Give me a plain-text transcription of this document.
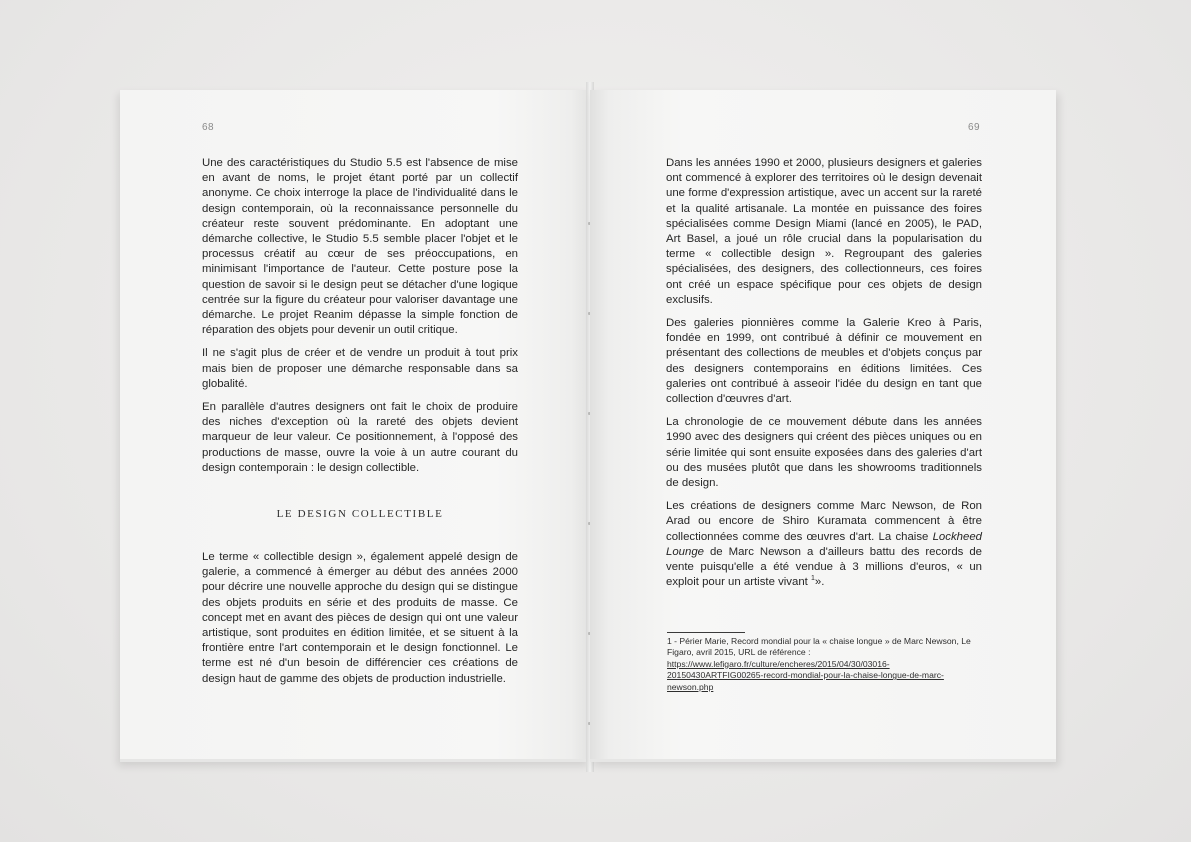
68

Une des caractéristiques du Studio 5.5 est l'absence de mise en avant de noms, le projet étant porté par un collectif anonyme. Ce choix interroge la place de l'individualité dans le design contemporain, où la reconnaissance personnelle du créateur reste souvent prédominante. En adoptant une démarche collective, le Studio 5.5 semble placer l'objet et le processus créatif au cœur de ses préoccupations, en minimisant l'importance de l'auteur. Cette posture pose la question de savoir si le design peut se détacher d'une logique centrée sur la figure du créateur pour valoriser davantage une démarche. Le projet Reanim dépasse la simple fonction de réparation des objets pour devenir un outil critique.

Il ne s'agit plus de créer et de vendre un produit à tout prix mais bien de proposer une démarche responsable dans sa globalité.

En parallèle d'autres designers ont fait le choix de produire des niches d'exception où la rareté des objets devient marqueur de leur valeur. Ce positionnement, à l'opposé des productions de masse, ouvre la voie à un autre courant du design contemporain : le design collectible.

LE DESIGN COLLECTIBLE

Le terme « collectible design », également appelé design de galerie, a commencé à émerger au début des années 2000 pour décrire une nouvelle approche du design qui se distingue des objets produits en série et des produits de masse. Ce concept met en avant des pièces de design qui ont une valeur artistique, sont produites en édition limitée, et se situent à la frontière entre l'art contemporain et le design fonctionnel. Le terme est né d'un besoin de différencier ces créations de design haut de gamme des objets de production industrielle.

69

Dans les années 1990 et 2000, plusieurs designers et galeries ont commencé à explorer des territoires où le design devenait une forme d'expression artistique, avec un accent sur la rareté et la qualité artisanale. La montée en puissance des foires spécialisées comme Design Miami (lancé en 2005), le PAD, Art Basel, a joué un rôle crucial dans la popularisation du terme « collectible design ». Regroupant des galeries spécialisées, des designers, des collectionneurs, ces foires ont créé un espace spécifique pour ces objets de design exclusifs.

Des galeries pionnières comme la Galerie Kreo à Paris, fondée en 1999, ont contribué à définir ce mouvement en présentant des collections de meubles et d'objets conçus par des designers contemporains en éditions limitées. Ces galeries ont contribué à asseoir l'idée du design en tant que collection d'œuvres d'art.

La chronologie de ce mouvement débute dans les années 1990 avec des designers qui créent des pièces uniques ou en série limitée qui sont ensuite exposées dans des galeries d'art ou des musées plutôt que dans les showrooms traditionnels de design.

Les créations de designers comme Marc Newson, de Ron Arad ou encore de Shiro Kuramata commencent à être collectionnées comme des œuvres d'art. La chaise Lockheed Lounge de Marc Newson a d'ailleurs battu des records de vente puisqu'elle a été vendue à 3 millions d'euros, « un exploit pour un artiste vivant $^1$».

1 - Périer Marie, Record mondial pour la « chaise longue » de Marc Newson, Le Figaro, avril 2015, URL de référence : https://www.lefigaro.fr/culture/encheres/2015/04/30/03016-20150430ARTFIG00265-record-mondial-pour-la-chaise-longue-de-marc-newson.php
